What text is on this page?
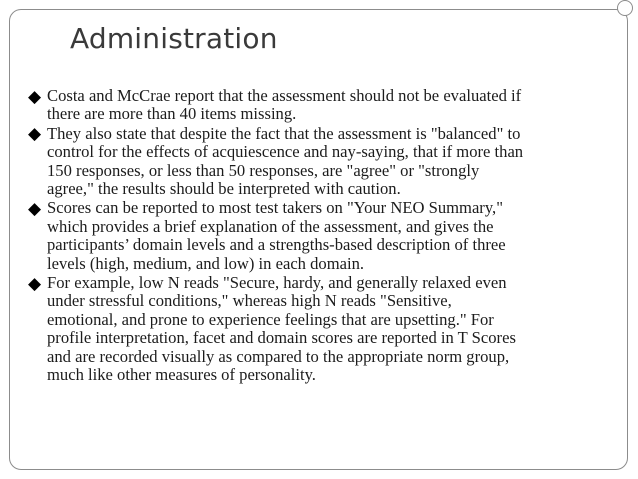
Administration
◆ Costa and McCrae report that the assessment should not be evaluated if
there are more than 40 items missing.
◆ They also state that despite the fact that the assessment is "balanced" to
control for the effects of acquiescence and nay-saying, that if more than
150 responses, or less than 50 responses, are "agree" or "strongly
agree," the results should be interpreted with caution.
◆ Scores can be reported to most test takers on "Your NEO Summary,"
which provides a brief explanation of the assessment, and gives the
participants’ domain levels and a strengths-based description of three
levels (high, medium, and low) in each domain.
◆ For example, low N reads "Secure, hardy, and generally relaxed even
under stressful conditions," whereas high N reads "Sensitive,
emotional, and prone to experience feelings that are upsetting." For
profile interpretation, facet and domain scores are reported in T Scores
and are recorded visually as compared to the appropriate norm group,
much like other measures of personality.
